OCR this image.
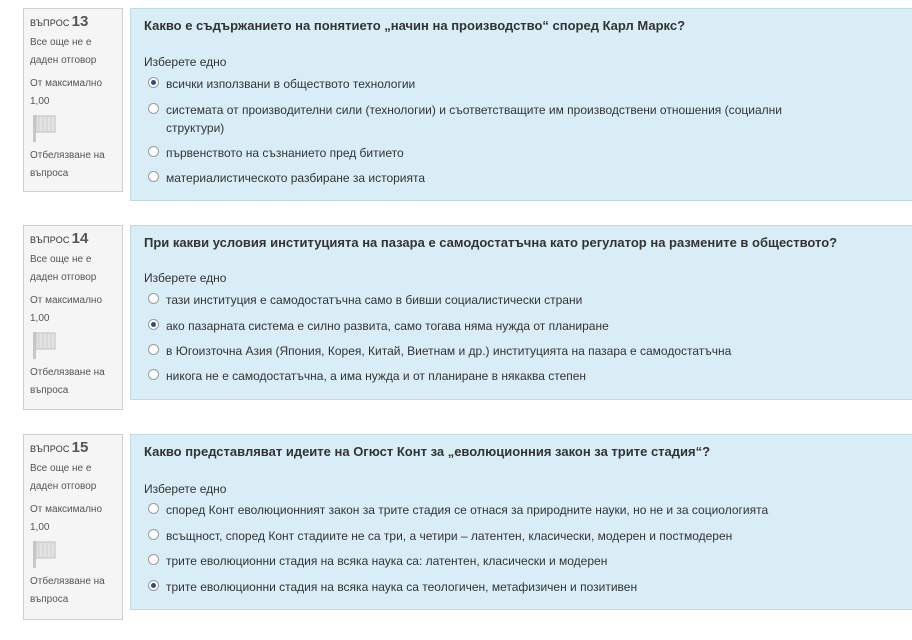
ВЪПРОС 13
Все още не е даден отговор
От максимално
1,00
Отбелязване на въпроса
Какво е съдържанието на понятието „начин на производство“ според Карл Маркс?
Изберете едно
всички използвани в обществото технологии
системата от производителни сили (технологии) и съответстващите им производствени отношения (социални структури)
първенството на съзнанието пред битието
материалистическото разбиране за историята
ВЪПРОС 14
Все още не е даден отговор
От максимално
1,00
Отбелязване на въпроса
При какви условия институцията на пазара е самодостатъчна като регулатор на размените в обществото?
Изберете едно
тази институция е самодостатъчна само в бивши социалистически страни
ако пазарната система е силно развита, само тогава няма нужда от планиране
в Югоизточна Азия (Япония, Корея, Китай, Виетнам и др.) институцията на пазара е самодостатъчна
никога не е самодостатъчна, а има нужда и от планиране в някаква степен
ВЪПРОС 15
Все още не е даден отговор
От максимално
1,00
Отбелязване на въпроса
Какво представляват идеите на Огюст Конт за „еволюционния закон за трите стадия“?
Изберете едно
според Конт еволюционният закон за трите стадия се отнася за природните науки, но не и за социологията
всъщност, според Конт стадиите не са три, а четири – латентен, класически, модерен и постмодерен
трите еволюционни стадия на всяка наука са: латентен, класически и модерен
трите еволюционни стадия на всяка наука са теологичен, метафизичен и позитивен
